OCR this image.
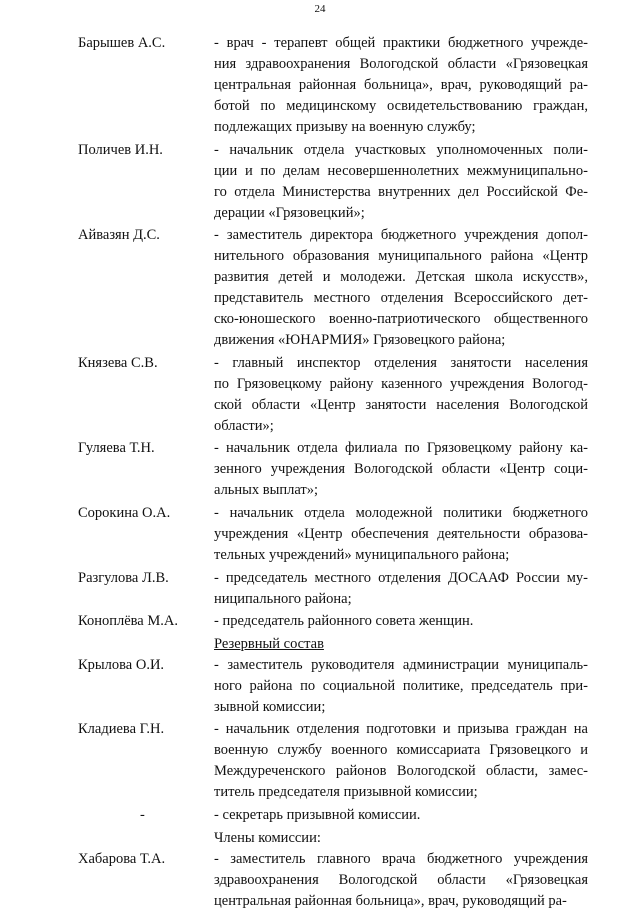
24
Барышев А.С.	- врач - терапевт общей практики бюджетного учрежде-
ния здравоохранения Вологодской области «Грязовецкая
центральная районная больница», врач, руководящий ра-
ботой по медицинскому освидетельствованию граждан,
подлежащих призыву на военную службу;
Поличев И.Н.	- начальник отдела участковых уполномоченных поли-
ции и по делам несовершеннолетних межмуниципально-
го отдела Министерства внутренних дел Российской Фе-
дерации «Грязовецкий»;
Айвазян Д.С.	- заместитель директора бюджетного учреждения допол-
нительного образования муниципального района «Центр
развития детей и молодежи. Детская школа искусств»,
представитель местного отделения Всероссийского дет-
ско-юношеского военно-патриотического общественного
движения «ЮНАРМИЯ» Грязовецкого района;
Князева С.В.	- главный инспектор отделения занятости населения
по Грязовецкому району казенного учреждения Вологод-
ской области «Центр занятости населения Вологодской
области»;
Гуляева Т.Н.	- начальник отдела филиала по Грязовецкому району ка-
зенного учреждения Вологодской области «Центр соци-
альных выплат»;
Сорокина О.А.	- начальник отдела молодежной политики бюджетного
учреждения «Центр обеспечения деятельности образова-
тельных учреждений» муниципального района;
Разгулова Л.В.	- председатель местного отделения ДОСААФ России му-
ниципального района;
Коноплёва М.А. - председатель районного совета женщин.
Резервный состав
Крылова О.И.	- заместитель руководителя администрации муниципаль-
ного района по социальной политике, председатель при-
зывной комиссии;
Кладиева Г.Н.	- начальник отделения подготовки и призыва граждан на
военную службу военного комиссариата Грязовецкого и
Междуреченского районов Вологодской области, замес-
титель председателя призывной комиссии;
-	- секретарь призывной комиссии.
Члены комиссии:
Хабарова Т.А.	- заместитель главного врача бюджетного учреждения
здравоохранения Вологодской области «Грязовецкая
центральная районная больница», врач, руководящий ра-
